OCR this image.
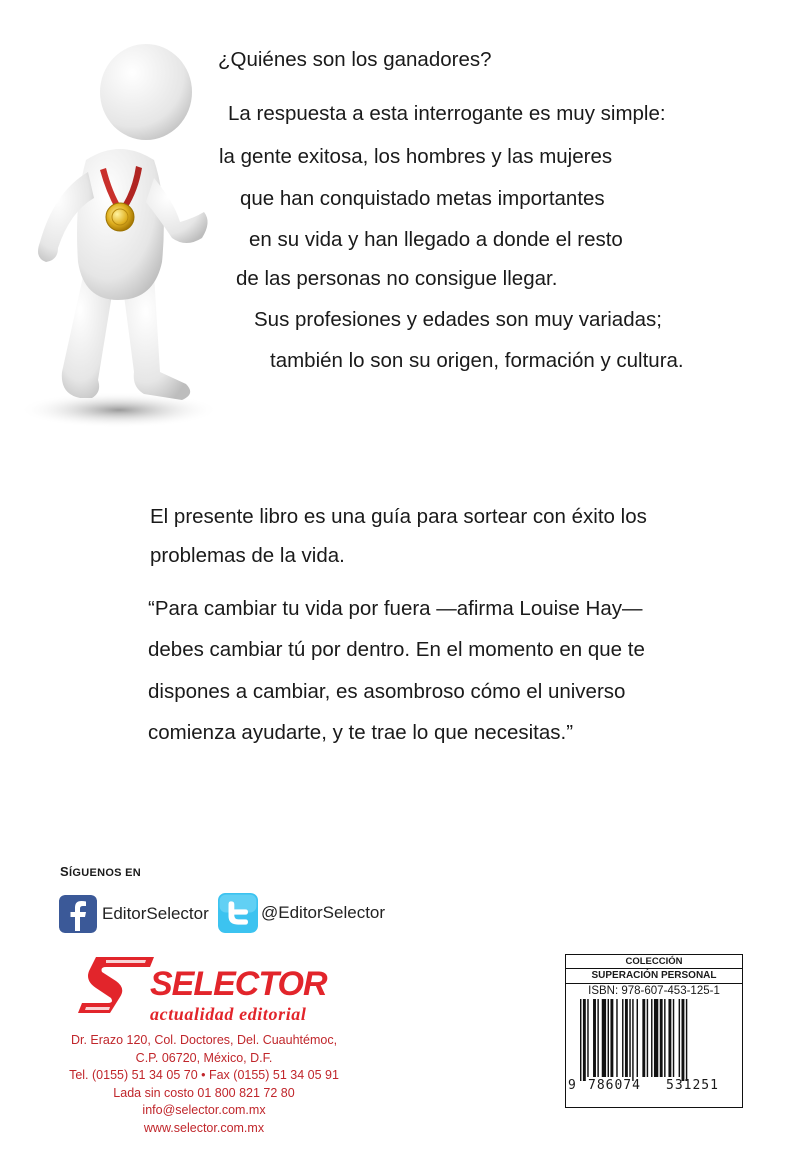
¿Quiénes son los ganadores?
La respuesta a esta interrogante es muy simple:
la gente exitosa, los hombres y las mujeres
que han conquistado metas importantes
en su vida y han llegado a donde el resto
de las personas no consigue llegar.
Sus profesiones y edades son muy variadas;
también lo son su origen, formación y cultura.
El presente libro es una guía para sortear con éxito los
problemas de la vida.
“Para cambiar tu vida por fuera —afirma Louise Hay—
debes cambiar tú por dentro. En el momento en que te
dispones a cambiar, es asombroso cómo el universo
comienza ayudarte, y te trae lo que necesitas.”
SÍGUENOS EN
EditorSelector	@EditorSelector
SELECTOR
actualidad editorial
Dr. Erazo 120, Col. Doctores, Del. Cuauhtémoc,
C.P. 06720, México, D.F.
Tel. (0155) 51 34 05 70 • Fax (0155) 51 34 05 91
Lada sin costo 01 800 821 72 80
info@selector.com.mx
www.selector.com.mx
COLECCIÓN
SUPERACIÓN PERSONAL
ISBN: 978-607-453-125-1
9 786074 531251
